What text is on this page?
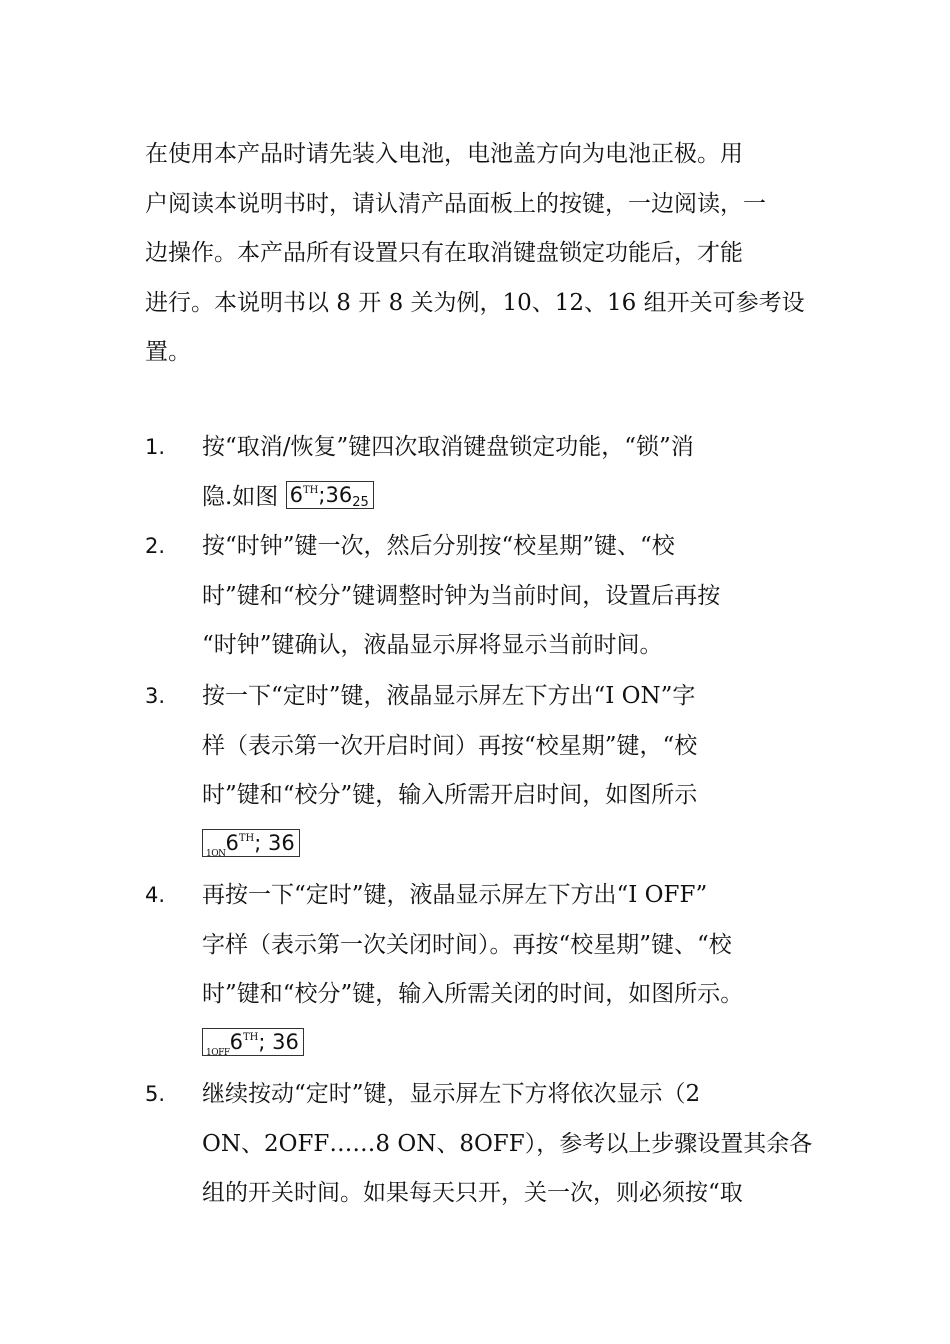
在使用本产品时请先装入电池，电池盖方向为电池正极。用
户阅读本说明书时，请认清产品面板上的按键，一边阅读，一
边操作。本产品所有设置只有在取消键盘锁定功能后，才能
进行。本说明书以 8 开 8 关为例，10、12、16 组开关可参考设
置。
1.	按“取消/恢复”键四次取消键盘锁定功能，“锁”消
隐.如图 $6TH;36_{25}$
2.	按“时钟”键一次，然后分别按“校星期”键、“校
时”键和“校分”键调整时钟为当前时间，设置后再按
“时钟”键确认，液晶显示屏将显示当前时间。
3.	按一下“定时”键，液晶显示屏左下方出“I ON”字
样（表示第一次开启时间）再按“校星期”键，“校
时”键和“校分”键，输入所需开启时间，如图所示
$_{1ON}$6TH; 36
4.	再按一下“定时”键，液晶显示屏左下方出“I OFF”
字样（表示第一次关闭时间）。再按“校星期”键、“校
时”键和“校分”键，输入所需关闭的时间，如图所示。
$_{1OFF}$6TH; 36
5.	继续按动“定时”键，显示屏左下方将依次显示（2
ON、2OFF……8 ON、8OFF），参考以上步骤设置其余各
组的开关时间。如果每天只开，关一次，则必须按“取
